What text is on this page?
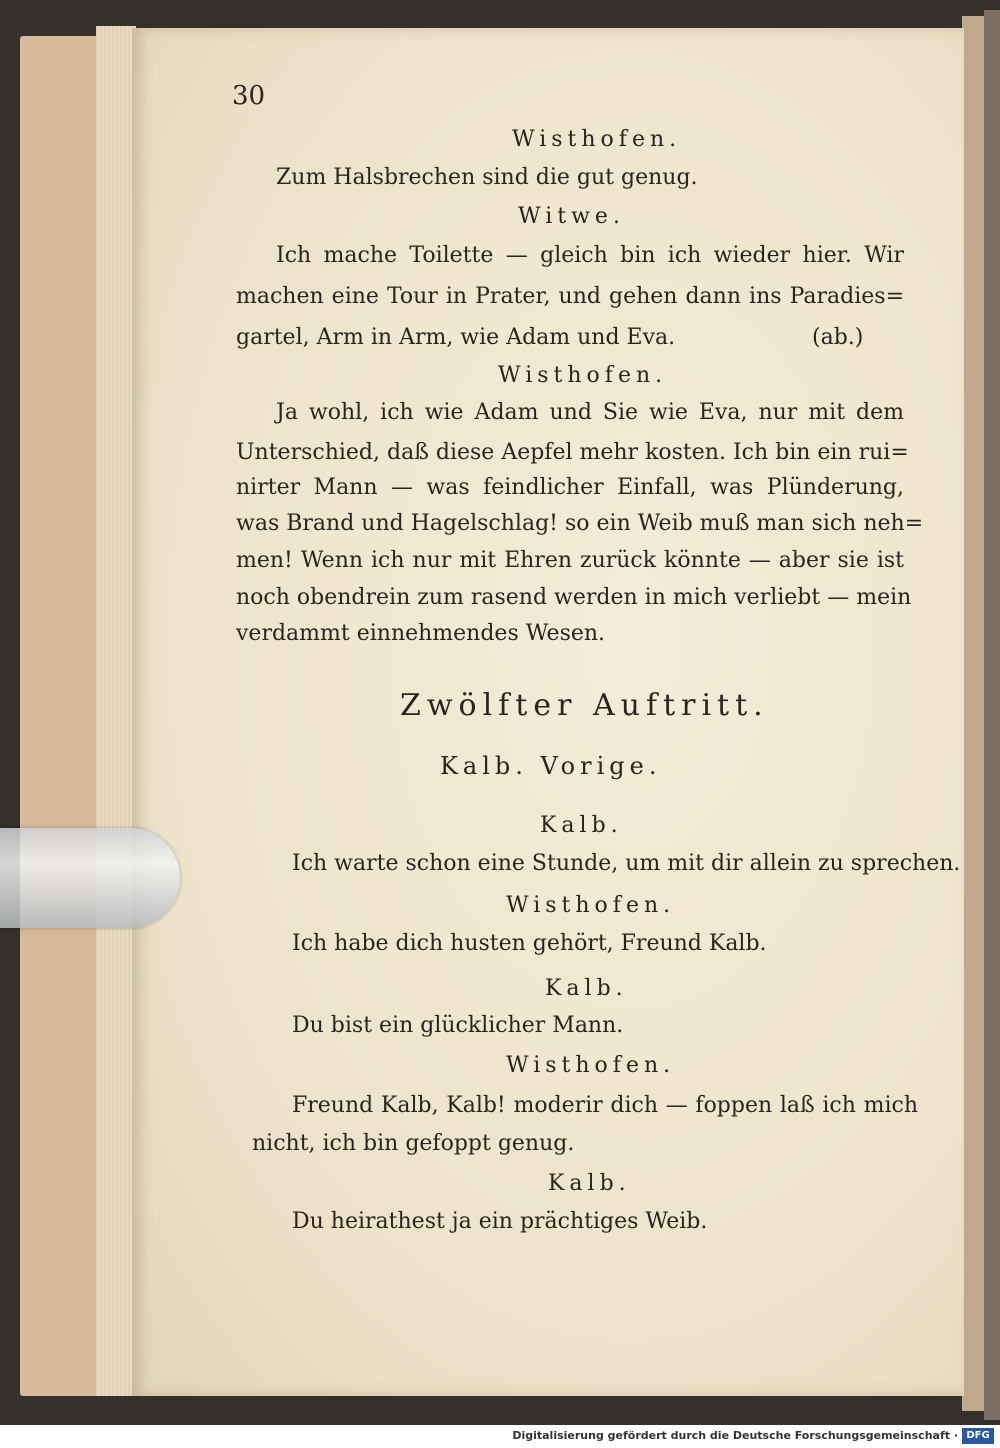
30
Wisthofen.
Zum Halsbrechen sind die gut genug.
Witwe.
Ich mache Toilette — gleich bin ich wieder hier. Wir
machen eine Tour in Prater, und gehen dann ins Paradies=
gartel, Arm in Arm, wie Adam und Eva.	(ab.)
Wisthofen.
Ja wohl, ich wie Adam und Sie wie Eva, nur mit dem
Unterschied, daß diese Aepfel mehr kosten. Ich bin ein rui=
nirter Mann — was feindlicher Einfall, was Plünderung,
was Brand und Hagelschlag! so ein Weib muß man sich neh=
men! Wenn ich nur mit Ehren zurück könnte — aber sie ist
noch obendrein zum rasend werden in mich verliebt — mein
verdammt einnehmendes Wesen.
Zwölfter Auftritt.
Kalb. Vorige.
Kalb.
Ich warte schon eine Stunde, um mit dir allein zu sprechen.
Wisthofen.
Ich habe dich husten gehört, Freund Kalb.
Kalb.
Du bist ein glücklicher Mann.
Wisthofen.
Freund Kalb, Kalb! moderir dich — foppen laß ich mich
nicht, ich bin gefoppt genug.
Kalb.
Du heirathest ja ein prächtiges Weib.
Digitalisierung gefördert durch die Deutsche Forschungsgemeinschaft · DFG
